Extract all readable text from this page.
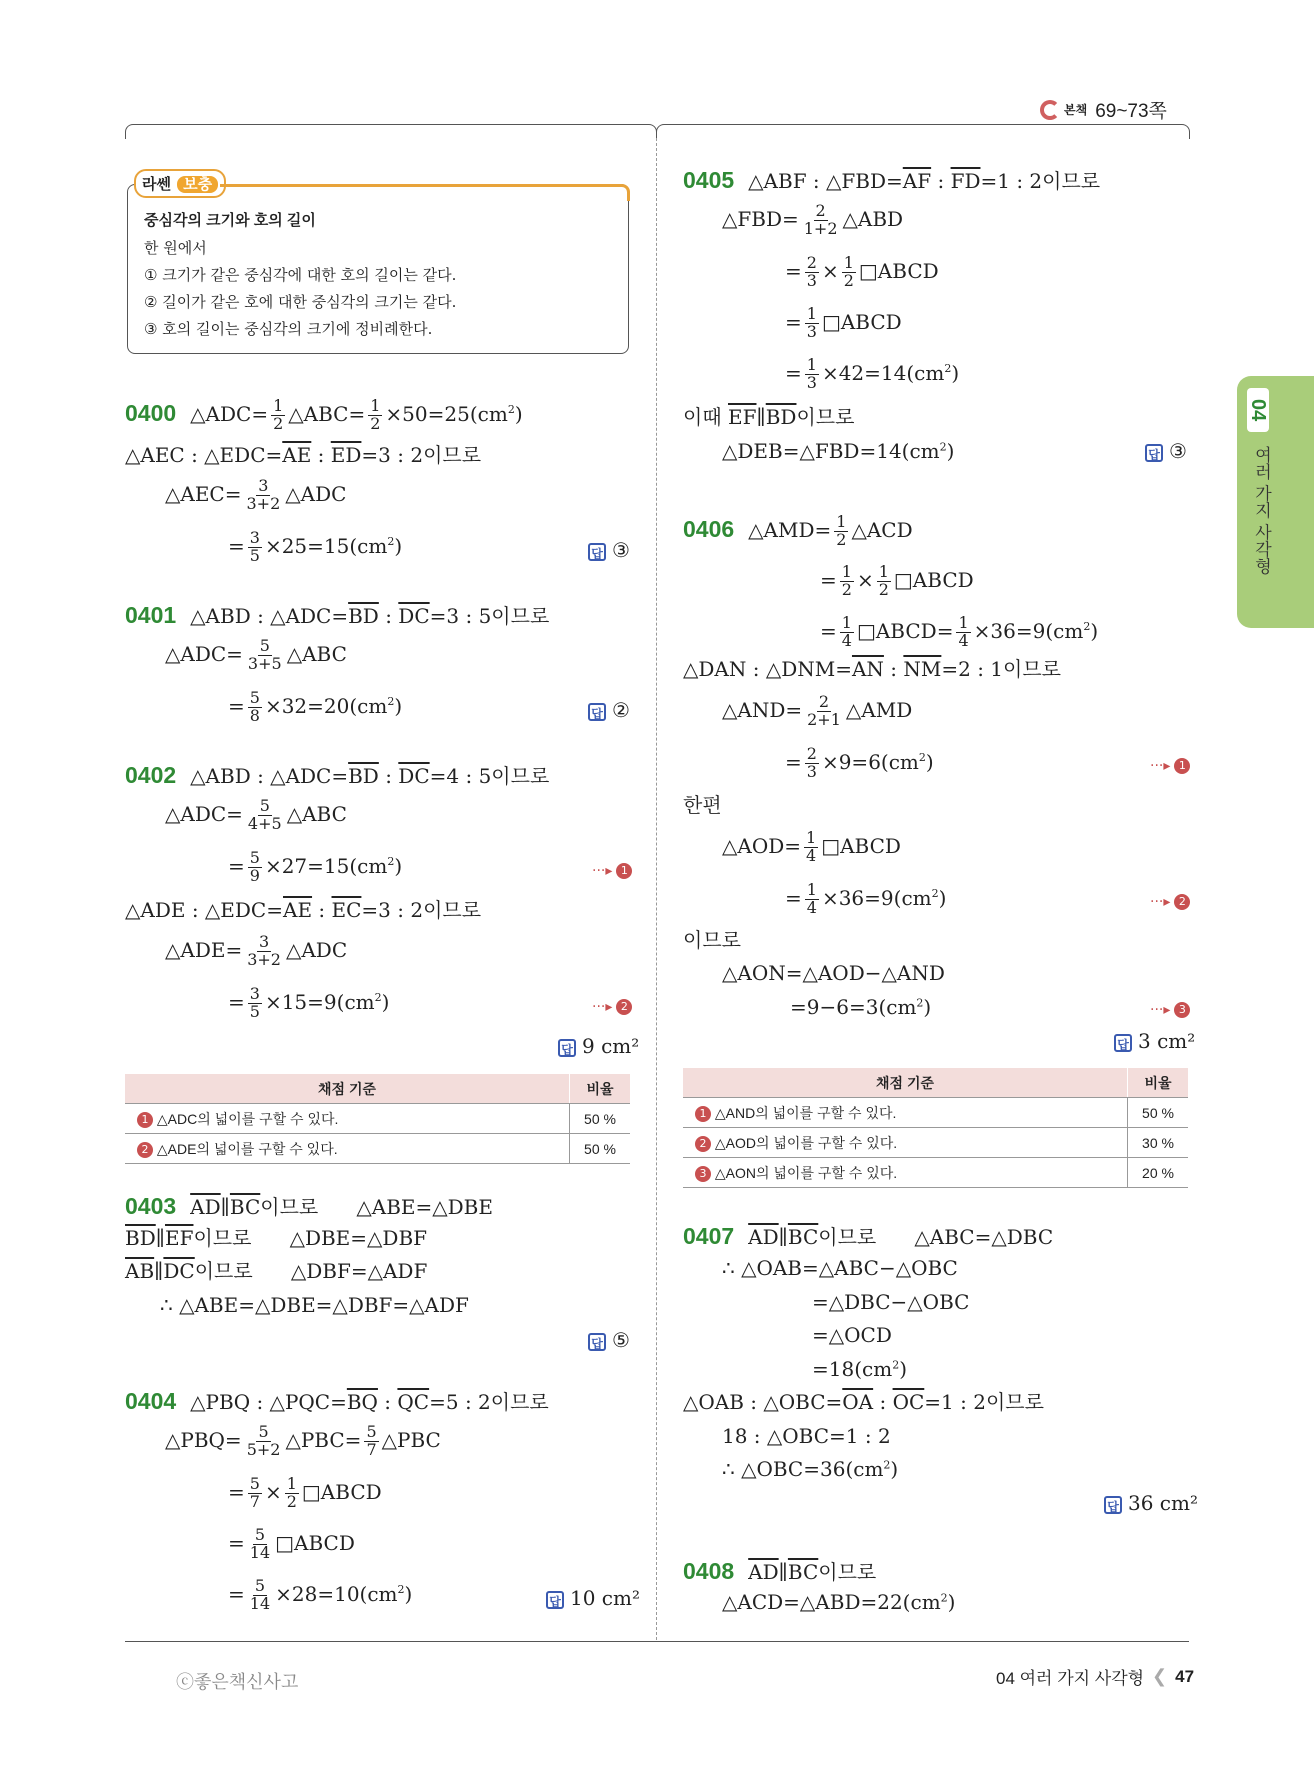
본책 69~73쪽
04
여러 가지 사각형
라쎈 보충
중심각의 크기와 호의 길이
한 원에서
① 크기가 같은 중심각에 대한 호의 길이는 같다.
② 길이가 같은 호에 대한 중심각의 크기는 같다.
③ 호의 길이는 중심각의 크기에 정비례한다.
0400 △ADC= $\frac{1}{2}$ △ABC= $\frac{1}{2} \times 50=25(cm^2)$
△AEC : $\triangle EDC=\overline{AE}$ : $\overline{ED}=3$ : 2이므로
△AEC= $\frac{3}{3+2}$ △ADC
= $\frac{3}{5} \times 25=15(cm^2)$	답 ③
0401 △ABD : $\triangle ADC=\overline{BD}$ : $\overline{DC}=3$ : 5이므로
△ADC= $\frac{5}{3+5}$ △ABC
= $\frac{5}{8} \times 32=20(cm^2)$	답 ②
0402 △ABD : $\triangle ADC=\overline{BD}$ : $\overline{DC}=4$ : 5이므로
△ADC= $\frac{5}{4+5}$ △ABC
= $\frac{5}{9} \times 27=15(cm^2)$	···▸ 1
△ADE : $\triangle EDC=\overline{AE}$ : $\overline{EC}=3$ : 2이므로
△ADE= $\frac{3}{3+2}$ △ADC
= $\frac{3}{5} \times 15=9(cm^2)$	···▸ 2
답 9 cm²
채점 기준	비율
1 △ADC의 넓이를 구할 수 있다.	50 %
2 △ADE의 넓이를 구할 수 있다.	50 %
0403 $\overline{AD}\parallel\overline{BC}$이므로      △ABE=△DBE
$\overline{BD}\parallel\overline{EF}$이므로      △DBE=△DBF
$\overline{AB}\parallel\overline{DC}$이므로      △DBF=△ADF
∴ △ABE=△DBE=△DBF=△ADF
답 ⑤
0404 △PBQ : $\triangle PQC=\overline{BQ}$ : $\overline{QC}=5$ : 2이므로
△PBQ= $\frac{5}{5+2}$ △PBC= $\frac{5}{7}$ △PBC
= $\frac{5}{7} \times \frac{1}{2}$ □ABCD
= $\frac{5}{14}$ □ABCD
= $\frac{5}{14} \times 28=10(cm^2)$	답 10 cm²
0405 △ABF : $\triangle FBD=\overline{AF}$ : $\overline{FD}=1$ : 2이므로
△FBD= $\frac{2}{1+2}$ △ABD
= $\frac{2}{3} \times \frac{1}{2}$ □ABCD
= $\frac{1}{3}$ □ABCD
= $\frac{1}{3} \times 42=14(cm^2)$
이때 $\overline{EF}\parallel\overline{BD}$이므로
$\triangle DEB=\triangle FBD=14(cm^2)$	답 ③
0406 △AMD= $\frac{1}{2}$ △ACD
= $\frac{1}{2} \times \frac{1}{2}$ □ABCD
= $\frac{1}{4}$ □ABCD= $\frac{1}{4} \times 36=9(cm^2)$
△DAN : $\triangle DNM=\overline{AN}$ : $\overline{NM}=2$ : 1이므로
△AND= $\frac{2}{2+1}$ △AMD
= $\frac{2}{3} \times 9=6(cm^2)$	···▸ 1
한편
△AOD= $\frac{1}{4}$ □ABCD
= $\frac{1}{4} \times 36=9(cm^2)$	···▸ 2
이므로
△AON=△AOD−△AND
$=9-6=3(cm^2)$	···▸ 3
답 3 cm²
채점 기준	비율
1 △AND의 넓이를 구할 수 있다.	50 %
2 △AOD의 넓이를 구할 수 있다.	30 %
3 △AON의 넓이를 구할 수 있다.	20 %
0407 $\overline{AD}\parallel\overline{BC}$이므로      △ABC=△DBC
∴ △OAB=△ABC−△OBC
=△DBC−△OBC
=△OCD
$=18(cm^2)$
△OAB : $\triangle OBC=\overline{OA}$ : $\overline{OC}=1$ : 2이므로
18 : △OBC=1 : 2
∴ $\triangle OBC=36(cm^2)$
답 36 cm²
0408 $\overline{AD}\parallel\overline{BC}$이므로
$\triangle ACD=\triangle ABD=22(cm^2)$
ⓒ좋은책신사고	04 여러 가지 사각형 ❮ 47
